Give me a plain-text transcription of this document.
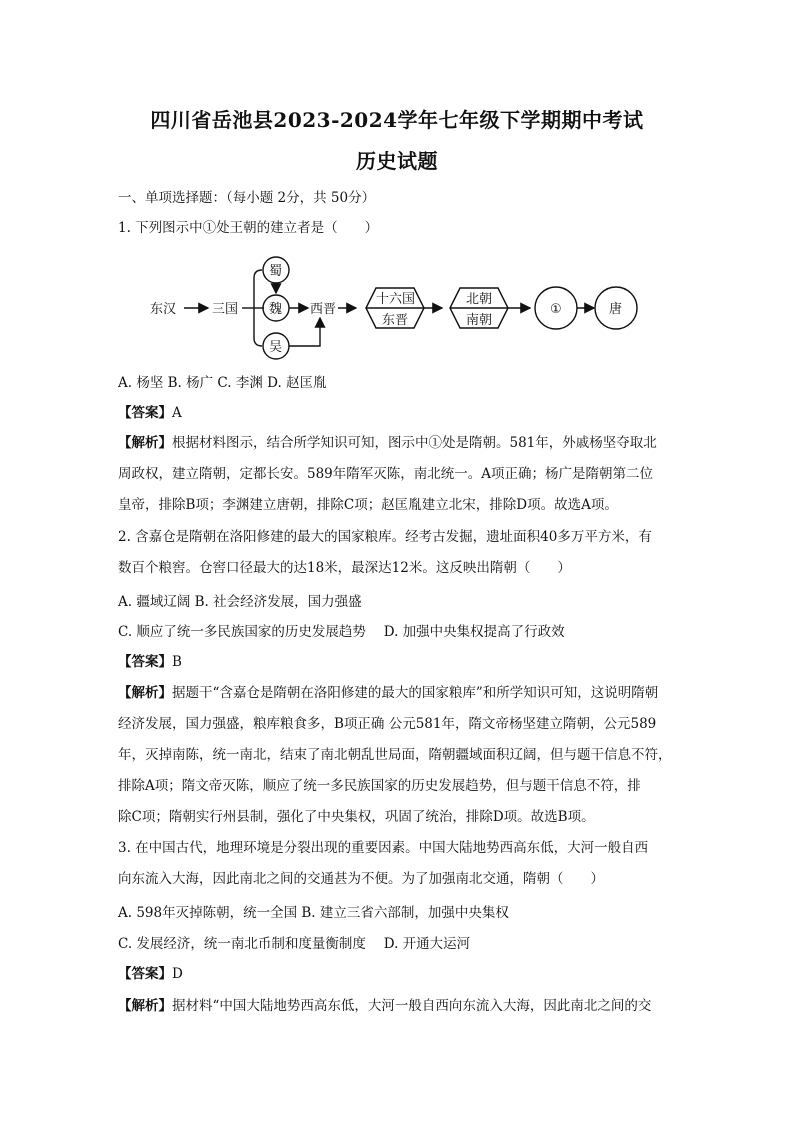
四川省岳池县2023-2024学年七年级下学期期中考试
历史试题
一、单项选择题：（每小题 2分，共 50分）
1. 下列图示中①处王朝的建立者是（　　）
东汉	三国
蜀
魏
吴
西晋
十六国
东晋
北朝
南朝
①	唐
A. 杨坚 B. 杨广 C. 李渊 D. 赵匡胤
【答案】A
【解析】根据材料图示，结合所学知识可知，图示中①处是隋朝。581年，外戚杨坚夺取北
周政权，建立隋朝，定都长安。589年隋军灭陈，南北统一。A项正确；杨广是隋朝第二位
皇帝，排除B项；李渊建立唐朝，排除C项；赵匡胤建立北宋，排除D项。故选A项。
2. 含嘉仓是隋朝在洛阳修建的最大的国家粮库。经考古发掘，遗址面积40多万平方米，有
数百个粮窖。仓窖口径最大的达18米，最深达12米。这反映出隋朝（　　）
A. 疆域辽阔 B. 社会经济发展，国力强盛
C. 顺应了统一多民族国家的历史发展趋势　 D. 加强中央集权提高了行政效
【答案】B
【解析】据题干“含嘉仓是隋朝在洛阳修建的最大的国家粮库”和所学知识可知，这说明隋朝
经济发展，国力强盛，粮库粮食多，B项正确 公元581年，隋文帝杨坚建立隋朝，公元589
年，灭掉南陈，统一南北，结束了南北朝乱世局面，隋朝疆域面积辽阔，但与题干信息不符，
排除A项；隋文帝灭陈，顺应了统一多民族国家的历史发展趋势，但与题干信息不符，排
除C项；隋朝实行州县制，强化了中央集权，巩固了统治，排除D项。故选B项。
3. 在中国古代，地理环境是分裂出现的重要因素。中国大陆地势西高东低，大河一般自西
向东流入大海，因此南北之间的交通甚为不便。为了加强南北交通，隋朝（　　）
A. 598年灭掉陈朝，统一全国 B. 建立三省六部制，加强中央集权
C. 发展经济，统一南北币制和度量衡制度　 D. 开通大运河
【答案】D
【解析】据材料“中国大陆地势西高东低，大河一般自西向东流入大海，因此南北之间的交
